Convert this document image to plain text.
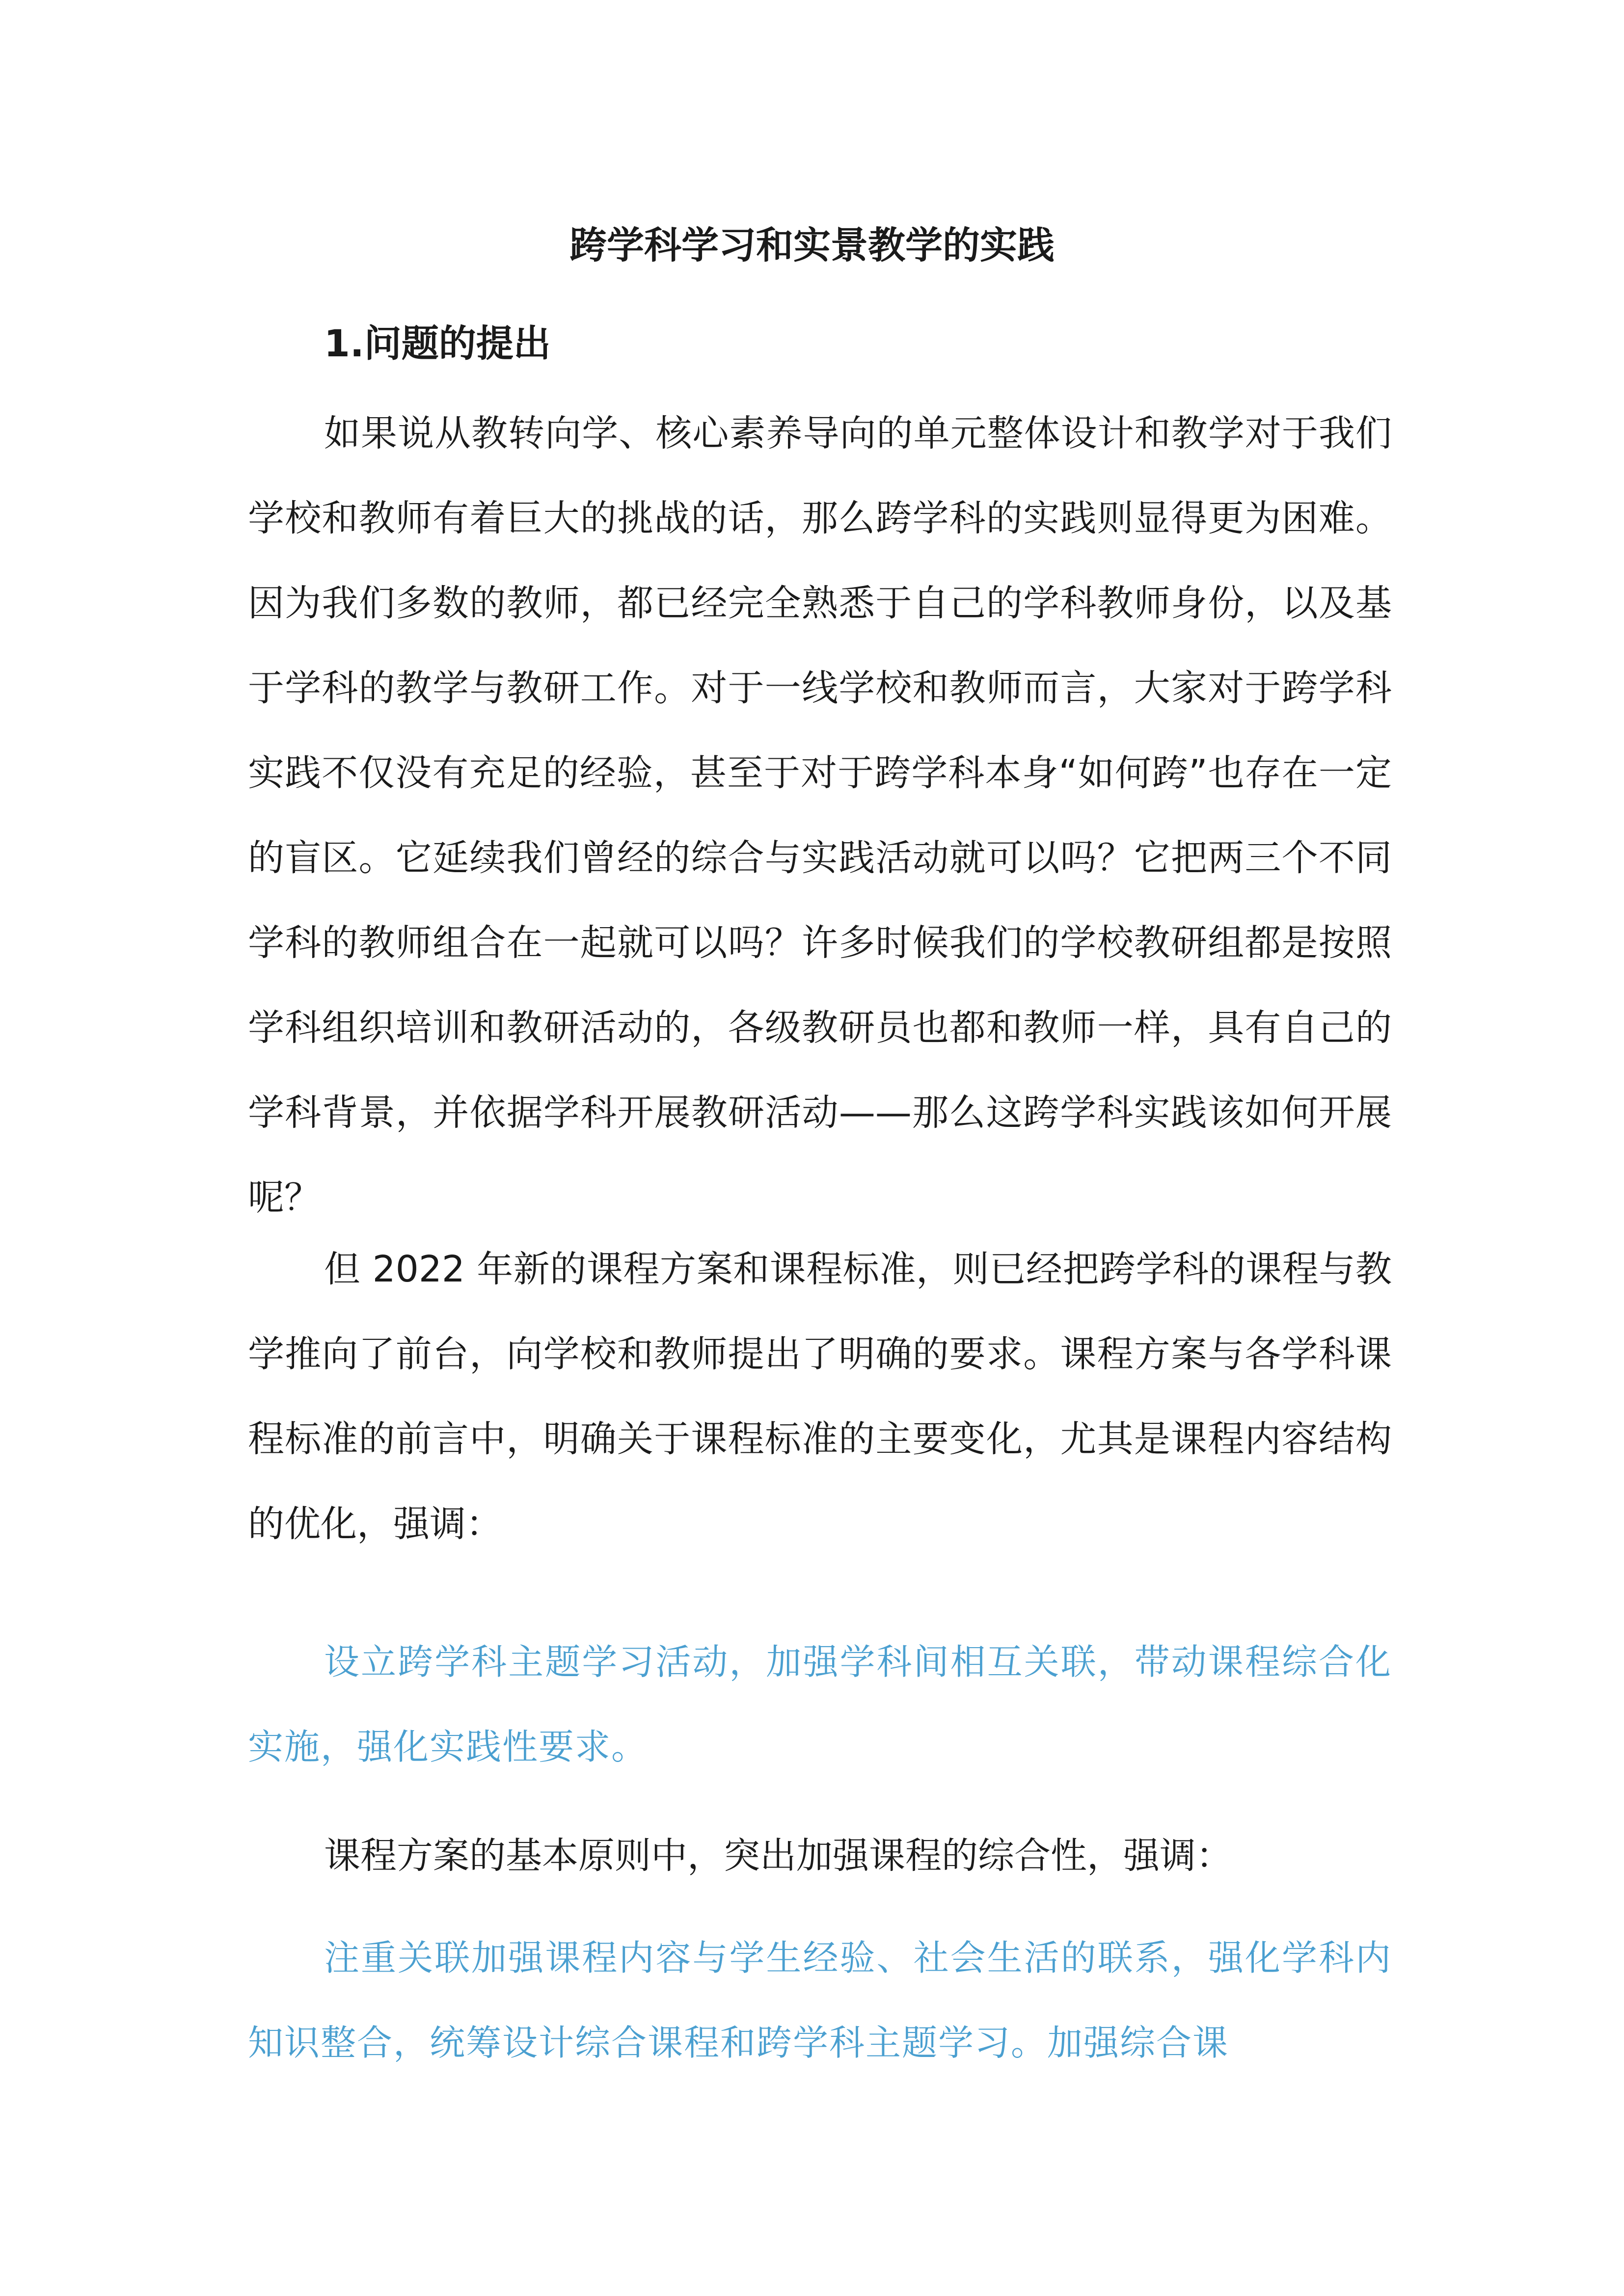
跨学科学习和实景教学的实践
1.问题的提出

如果说从教转向学、核心素养导向的单元整体设计和教学对于我们学校和教师有着巨大的挑战的话，那么跨学科的实践则显得更为困难。因为我们多数的教师，都已经完全熟悉于自己的学科教师身份，以及基于学科的教学与教研工作。对于一线学校和教师而言，大家对于跨学科实践不仅没有充足的经验，甚至于对于跨学科本身“如何跨”也存在一定的盲区。它延续我们曾经的综合与实践活动就可以吗？它把两三个不同学科的教师组合在一起就可以吗？许多时候我们的学校教研组都是按照学科组织培训和教研活动的，各级教研员也都和教师一样，具有自己的学科背景，并依据学科开展教研活动——那么这跨学科实践该如何开展呢？

但 2022 年新的课程方案和课程标准，则已经把跨学科的课程与教学推向了前台，向学校和教师提出了明确的要求。课程方案与各学科课程标准的前言中，明确关于课程标准的主要变化，尤其是课程内容结构的优化，强调：

设立跨学科主题学习活动，加强学科间相互关联，带动课程综合化实施，强化实践性要求。

课程方案的基本原则中，突出加强课程的综合性，强调：

注重关联加强课程内容与学生经验、社会生活的联系，强化学科内知识整合，统筹设计综合课程和跨学科主题学习。加强综合课
